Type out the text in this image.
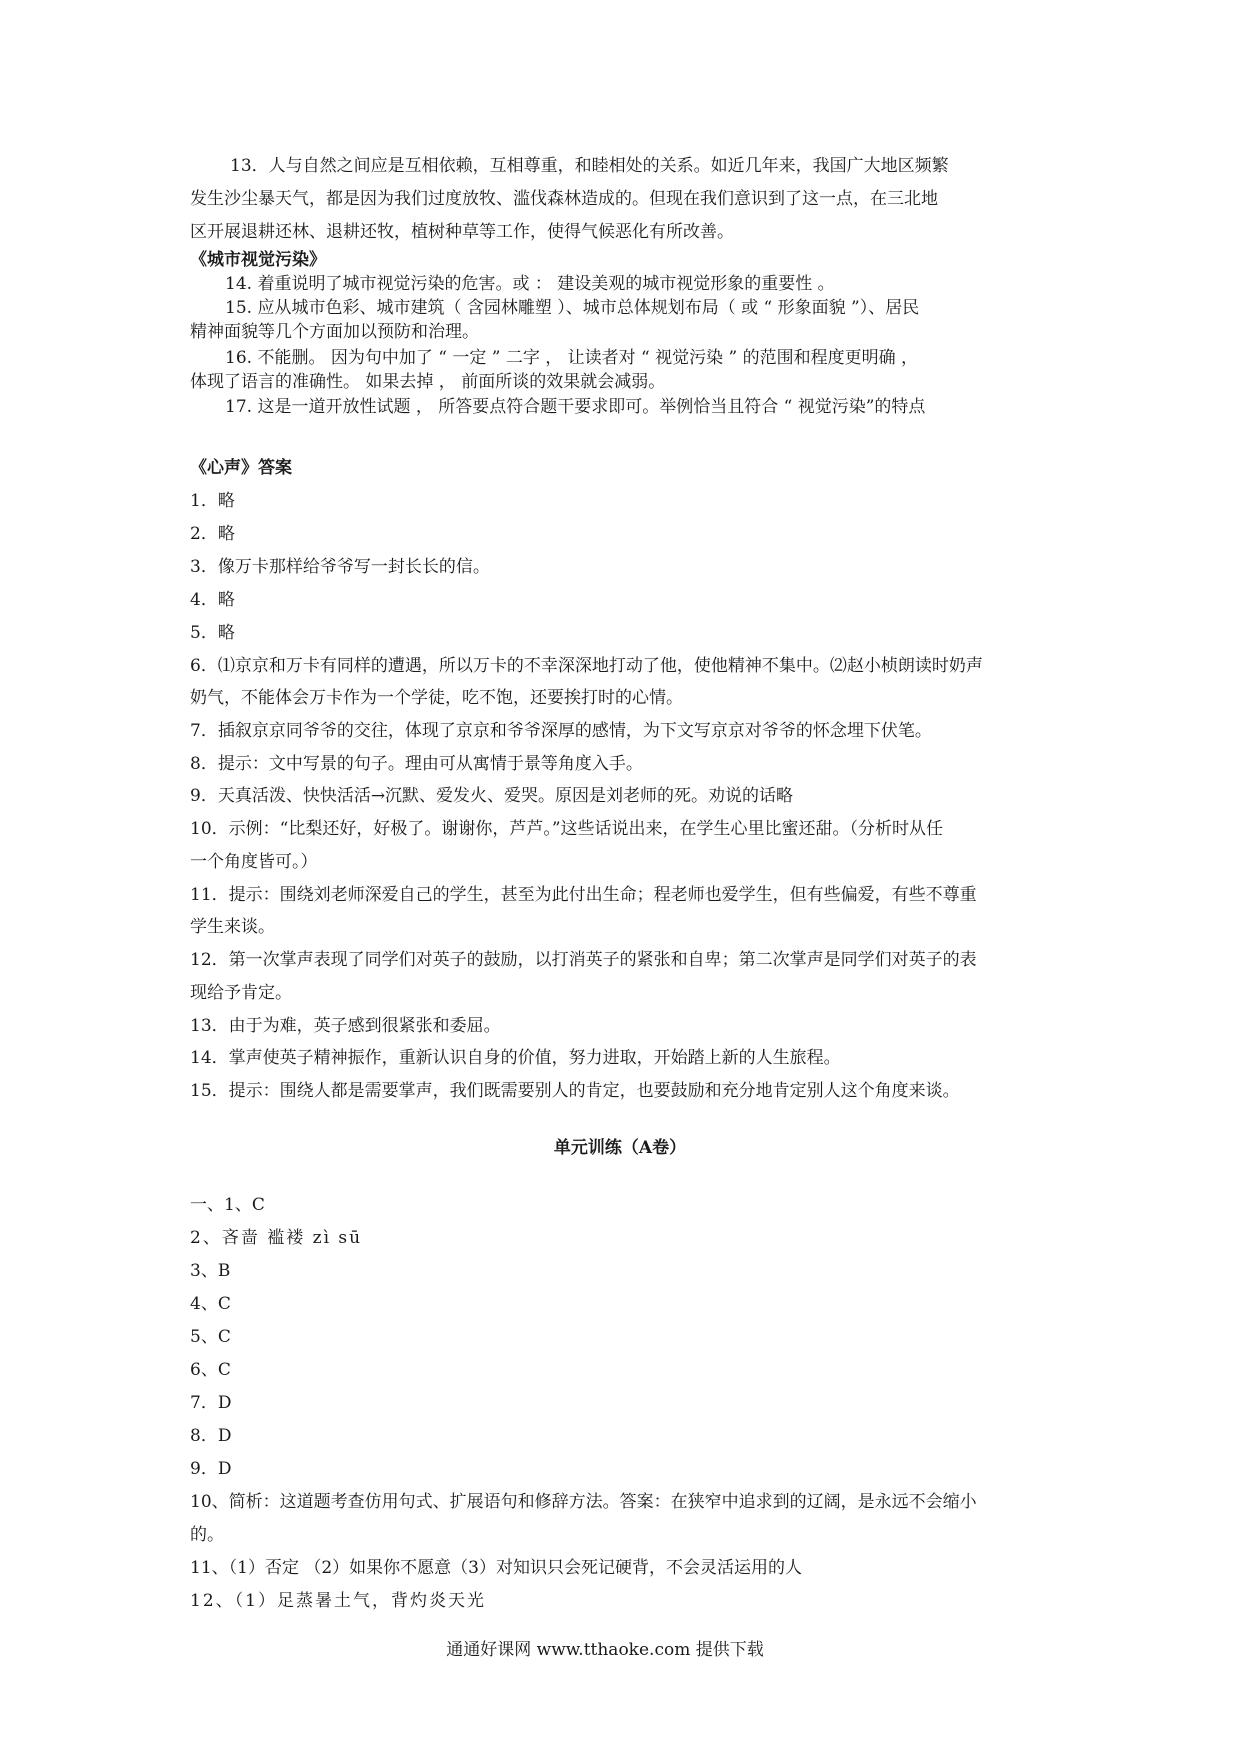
13．人与自然之间应是互相依赖，互相尊重，和睦相处的关系。如近几年来，我国广大地区频繁
发生沙尘暴天气，都是因为我们过度放牧、滥伐森林造成的。但现在我们意识到了这一点，在三北地
区开展退耕还林、退耕还牧，植树种草等工作，使得气候恶化有所改善。
《城市视觉污染》
14. 着重说明了城市视觉污染的危害。或 ： 建设美观的城市视觉形象的重要性 。
15. 应从城市色彩、城市建筑（ 含园林雕塑 ）、城市总体规划布局（ 或 “ 形象面貌 ”）、居民
精神面貌等几个方面加以预防和治理。
16. 不能删。 因为句中加了 “ 一定 ” 二字 ， 让读者对 “ 视觉污染 ” 的范围和程度更明确 ，
体现了语言的准确性。 如果去掉 ， 前面所谈的效果就会减弱。
17. 这是一道开放性试题 ， 所答要点符合题干要求即可。举例恰当且符合 “ 视觉污染”的特点
《心声》答案
1．略
2．略
3．像万卡那样给爷爷写一封长长的信。
4．略
5．略
6．⑴京京和万卡有同样的遭遇，所以万卡的不幸深深地打动了他，使他精神不集中。⑵赵小桢朗读时奶声
奶气，不能体会万卡作为一个学徒，吃不饱，还要挨打时的心情。
7．插叙京京同爷爷的交往，体现了京京和爷爷深厚的感情，为下文写京京对爷爷的怀念埋下伏笔。
8．提示：文中写景的句子。理由可从寓情于景等角度入手。
9．天真活泼、快快活活→沉默、爱发火、爱哭。原因是刘老师的死。劝说的话略
10．示例：“比梨还好，好极了。谢谢你，芦芦。”这些话说出来，在学生心里比蜜还甜。（分析时从任
一个角度皆可。）
11．提示：围绕刘老师深爱自己的学生，甚至为此付出生命；程老师也爱学生，但有些偏爱，有些不尊重
学生来谈。
12．第一次掌声表现了同学们对英子的鼓励，以打消英子的紧张和自卑；第二次掌声是同学们对英子的表
现给予肯定。
13．由于为难，英子感到很紧张和委屈。
14．掌声使英子精神振作，重新认识自身的价值，努力进取，开始踏上新的人生旅程。
15．提示：围绕人都是需要掌声，我们既需要别人的肯定，也要鼓励和充分地肯定别人这个角度来谈。
单元训练（A卷）
一、1、C
2、吝啬 褴褛 zì sū
3、B
4、C
5、C
6、C
7．D
8．D
9．D
10、简析：这道题考查仿用句式、扩展语句和修辞方法。答案：在狭窄中追求到的辽阔，是永远不会缩小
的。
11、（1）否定 （2）如果你不愿意（3）对知识只会死记硬背，不会灵活运用的人
12、（1）足蒸暑土气，背灼炎天光
通通好课网 www.tthaoke.com 提供下载
